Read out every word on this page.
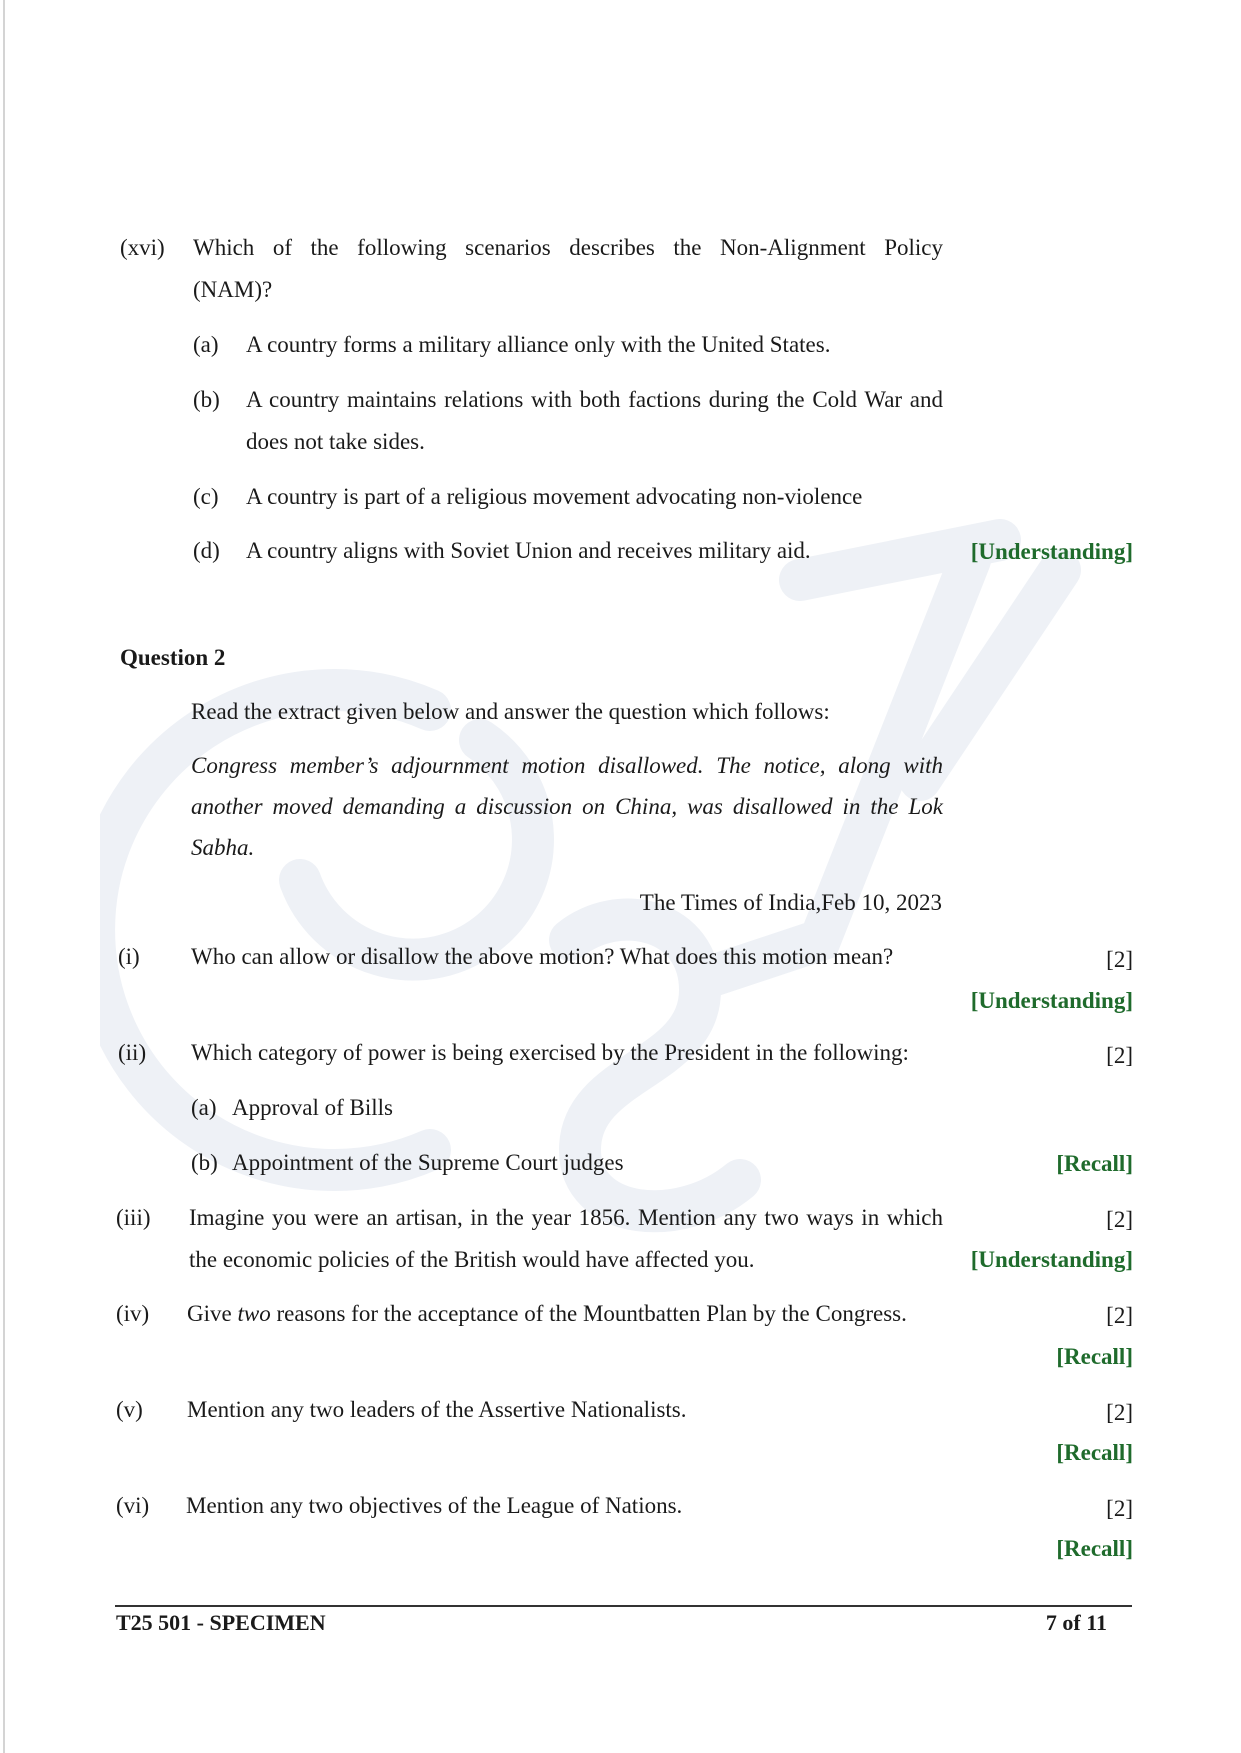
(xvi) Which of the following scenarios describes the Non-Alignment Policy
(NAM)?
(a) A country forms a military alliance only with the United States.
(b) A country maintains relations with both factions during the Cold War and
does not take sides.
(c) A country is part of a religious movement advocating non-violence
(d) A country aligns with Soviet Union and receives military aid.	[Understanding]
Question 2
Read the extract given below and answer the question which follows:
Congress member’s adjournment motion disallowed. The notice, along with
another moved demanding a discussion on China, was disallowed in the Lok
Sabha.
The Times of India,Feb 10, 2023
(i) Who can allow or disallow the above motion? What does this motion mean?	[2]
[Understanding]
(ii) Which category of power is being exercised by the President in the following:	[2]
(a) Approval of Bills
(b) Appointment of the Supreme Court judges	[Recall]
(iii) Imagine you were an artisan, in the year 1856. Mention any two ways in which	[2]
the economic policies of the British would have affected you.	[Understanding]
(iv) Give two reasons for the acceptance of the Mountbatten Plan by the Congress.	[2]
[Recall]
(v) Mention any two leaders of the Assertive Nationalists.	[2]
[Recall]
(vi) Mention any two objectives of the League of Nations.	[2]
[Recall]
T25 501 - SPECIMEN	7 of 11
